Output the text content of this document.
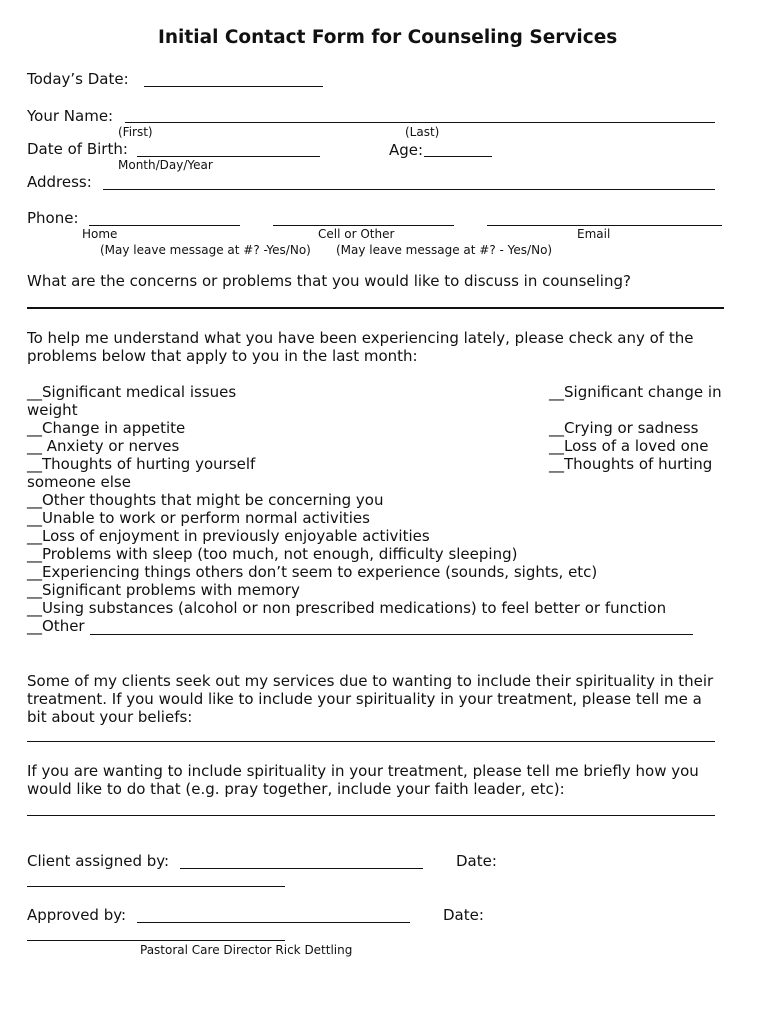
Initial Contact Form for Counseling Services
Today’s Date:
Your Name:
(First)	(Last)
Date of Birth:
Month/Day/Year
Age:
Address:
Phone:
Home	Cell or Other	Email
(May leave message at #? -Yes/No) (May leave message at #? - Yes/No)
What are the concerns or problems that you would like to discuss in counseling?
To help me understand what you have been experiencing lately, please check any of the
problems below that apply to you in the last month:
__Significant medical issues	__Significant change in
weight
__Change in appetite	__Crying or sadness
__ Anxiety or nerves	__Loss of a loved one
__Thoughts of hurting yourself	__Thoughts of hurting
someone else
__Other thoughts that might be concerning you
__Unable to work or perform normal activities
__Loss of enjoyment in previously enjoyable activities
__Problems with sleep (too much, not enough, difficulty sleeping)
__Experiencing things others don’t seem to experience (sounds, sights, etc)
__Significant problems with memory
__Using substances (alcohol or non prescribed medications) to feel better or function
__Other
Some of my clients seek out my services due to wanting to include their spirituality in their
treatment. If you would like to include your spirituality in your treatment, please tell me a
bit about your beliefs:
If you are wanting to include spirituality in your treatment, please tell me briefly how you
would like to do that (e.g. pray together, include your faith leader, etc):
Client assigned by:	Date:
Approved by:	Date:
Pastoral Care Director Rick Dettling
